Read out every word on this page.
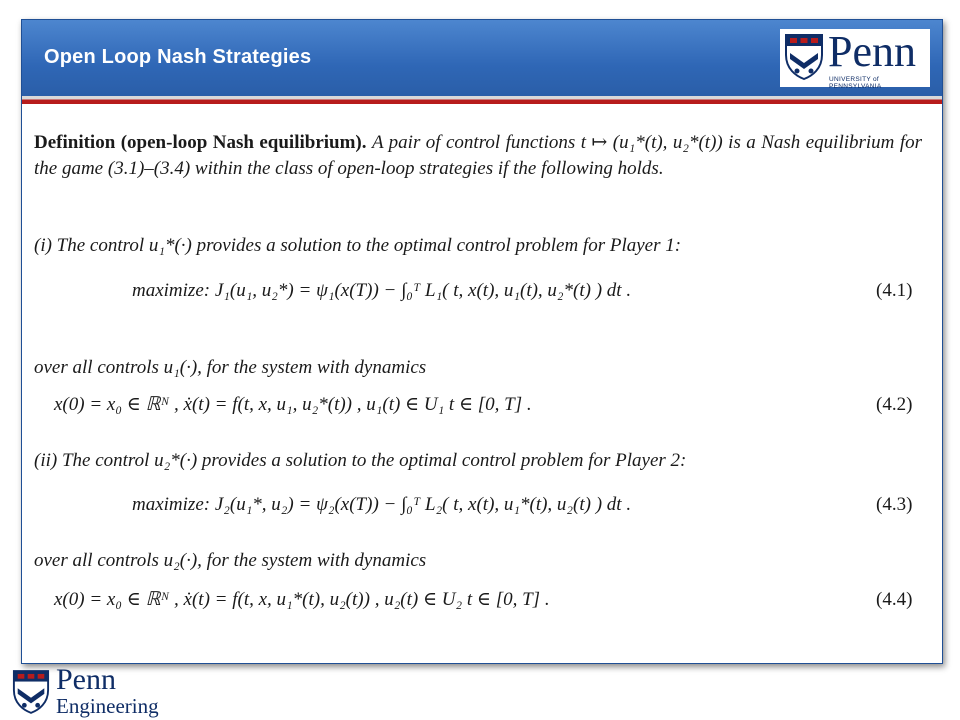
Open Loop Nash Strategies	Penn
UNIVERSITY of PENNSYLVANIA

Definition (open-loop Nash equilibrium). A pair of control functions t ↦ (u₁*(t), u₂*(t)) is a Nash equilibrium for the game (3.1)–(3.4) within the class of open-loop strategies if the following holds.

(i) The control u₁*(·) provides a solution to the optimal control problem for Player 1:
maximize: J₁(u₁, u₂*) = ψ₁(x(T)) − ∫₀ᵀ L₁( t, x(t), u₁(t), u₂*(t) ) dt .	(4.1)
over all controls u₁(·), for the system with dynamics
x(0) = x₀ ∈ ℝᴺ , ẋ(t) = f(t, x, u₁, u₂*(t)) , u₁(t) ∈ U₁ t ∈ [0, T] .	(4.2)
(ii) The control u₂*(·) provides a solution to the optimal control problem for Player 2:
maximize: J₂(u₁*, u₂) = ψ₂(x(T)) − ∫₀ᵀ L₂( t, x(t), u₁*(t), u₂(t) ) dt .	(4.3)
over all controls u₂(·), for the system with dynamics
x(0) = x₀ ∈ ℝᴺ , ẋ(t) = f(t, x, u₁*(t), u₂(t)) , u₂(t) ∈ U₂ t ∈ [0, T] .	(4.4)
Penn
Engineering
